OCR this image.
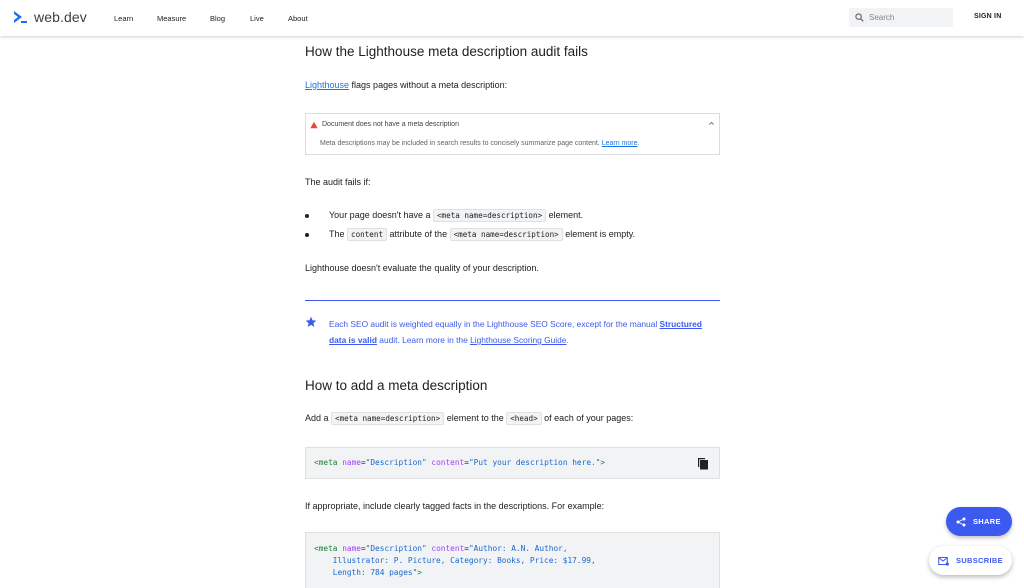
web.dev	Learn	Measure	Blog	Live	About
Search	SIGN IN
How the Lighthouse meta description audit fails

Lighthouse flags pages without a meta description:

Document does not have a meta description
Meta descriptions may be included in search results to concisely summarize page content. Learn more.

The audit fails if:

Your page doesn't have a <meta name=description> element.
The content attribute of the <meta name=description> element is empty.

Lighthouse doesn't evaluate the quality of your description.

Each SEO audit is weighted equally in the Lighthouse SEO Score, except for the manual Structured data is valid audit. Learn more in the Lighthouse Scoring Guide.
How to add a meta description

Add a <meta name=description> element to the <head> of each of your pages:

<meta name="Description" content="Put your description here.">

If appropriate, include clearly tagged facts in the descriptions. For example:

<meta name="Description" content="Author: A.N. Author,
Illustrator: P. Picture, Category: Books, Price: $17.99,
Length: 784 pages">
SHARE
SUBSCRIBE
